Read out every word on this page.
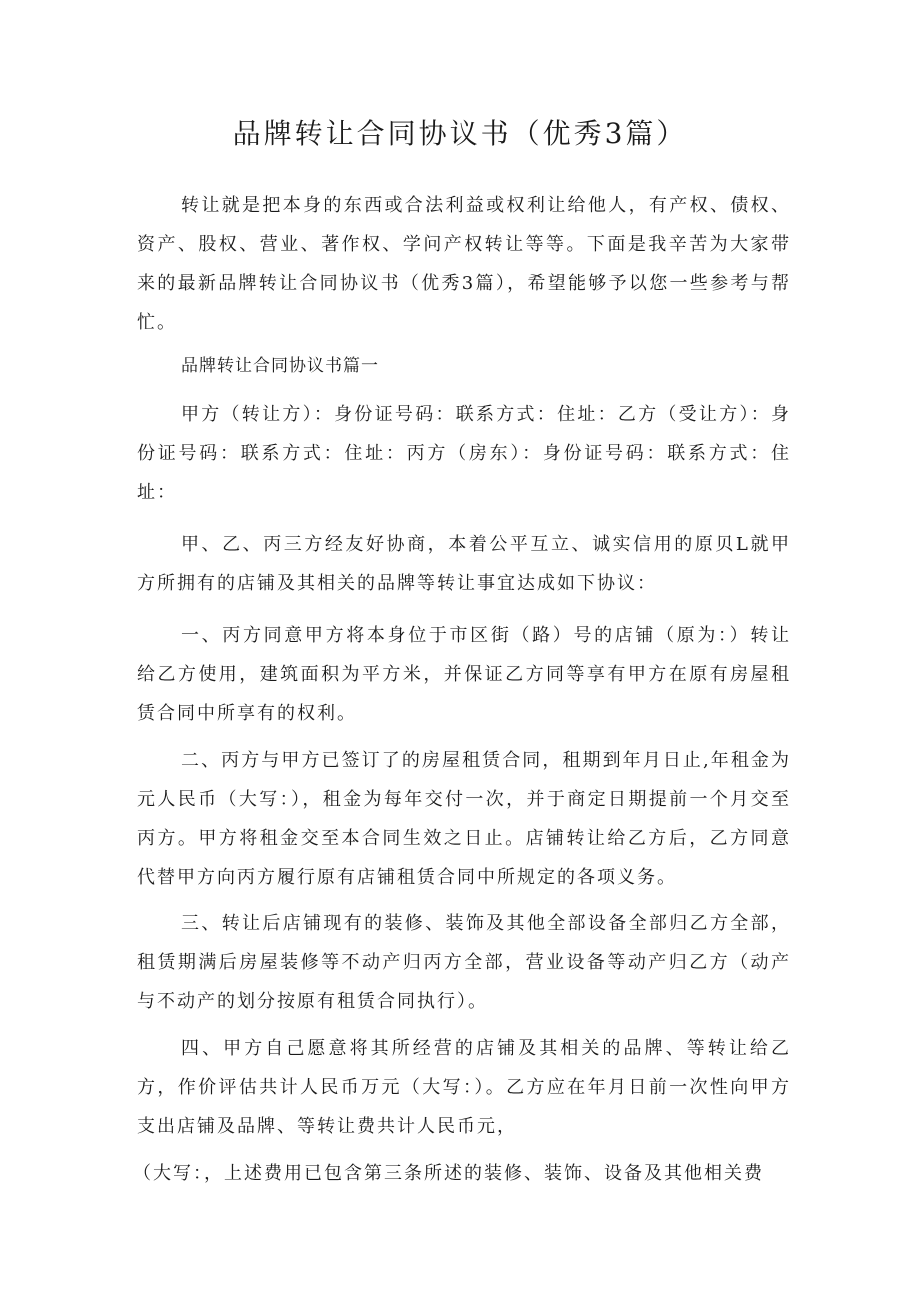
品牌转让合同协议书（优秀3篇）

转让就是把本身的东西或合法利益或权利让给他人，有产权、债权、资产、股权、营业、著作权、学问产权转让等等。下面是我辛苦为大家带来的最新品牌转让合同协议书（优秀3篇），希望能够予以您一些参考与帮忙。

品牌转让合同协议书篇一

甲方（转让方）：身份证号码：联系方式：住址：乙方（受让方）：身份证号码：联系方式：住址：丙方（房东）：身份证号码：联系方式：住址：

甲、乙、丙三方经友好协商，本着公平互立、诚实信用的原贝L就甲方所拥有的店铺及其相关的品牌等转让事宜达成如下协议：

一、丙方同意甲方将本身位于市区街（路）号的店铺（原为：）转让给乙方使用，建筑面积为平方米，并保证乙方同等享有甲方在原有房屋租赁合同中所享有的权利。

二、丙方与甲方已签订了的房屋租赁合同，租期到年月日止,年租金为元人民币（大写：），租金为每年交付一次，并于商定日期提前一个月交至丙方。甲方将租金交至本合同生效之日止。店铺转让给乙方后，乙方同意代替甲方向丙方履行原有店铺租赁合同中所规定的各项义务。

三、转让后店铺现有的装修、装饰及其他全部设备全部归乙方全部，租赁期满后房屋装修等不动产归丙方全部，营业设备等动产归乙方（动产与不动产的划分按原有租赁合同执行）。

四、甲方自己愿意将其所经营的店铺及其相关的品牌、等转让给乙方，作价评估共计人民币万元（大写：）。乙方应在年月日前一次性向甲方支出店铺及品牌、等转让费共计人民币元，

（大写：，上述费用已包含第三条所述的装修、装饰、设备及其他相关费
